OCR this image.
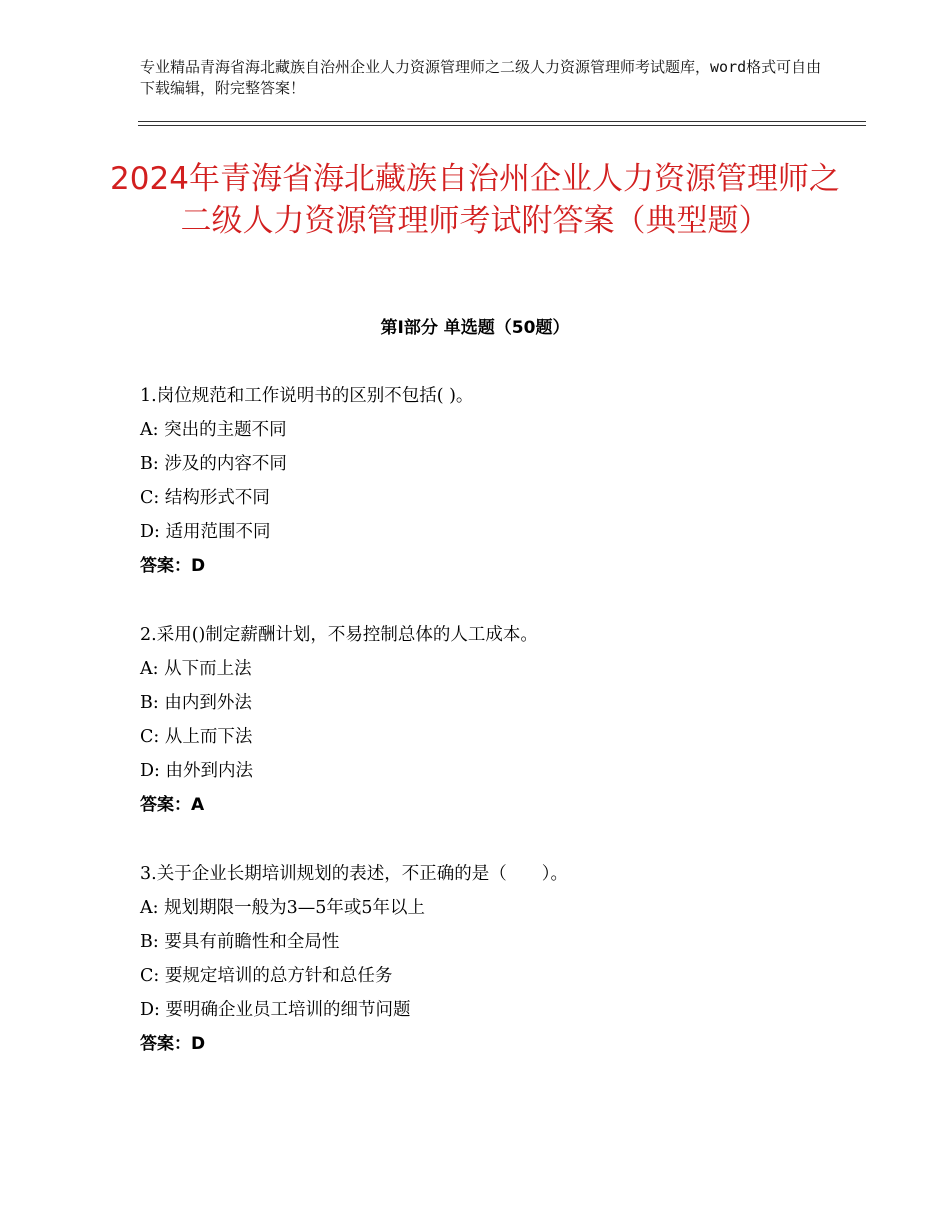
专业精品青海省海北藏族自治州企业人力资源管理师之二级人力资源管理师考试题库，word格式可自由下载编辑，附完整答案！
2024年青海省海北藏族自治州企业人力资源管理师之二级人力资源管理师考试附答案（典型题）
第Ⅰ部分 单选题（50题）
1.岗位规范和工作说明书的区别不包括( )。
A: 突出的主题不同
B: 涉及的内容不同
C: 结构形式不同
D: 适用范围不同
答案：D
2.采用()制定薪酬计划，不易控制总体的人工成本。
A: 从下而上法
B: 由内到外法
C: 从上而下法
D: 由外到内法
答案：A
3.关于企业长期培训规划的表述，不正确的是（　　）。
A: 规划期限一般为3—5年或5年以上
B: 要具有前瞻性和全局性
C: 要规定培训的总方针和总任务
D: 要明确企业员工培训的细节问题
答案：D
